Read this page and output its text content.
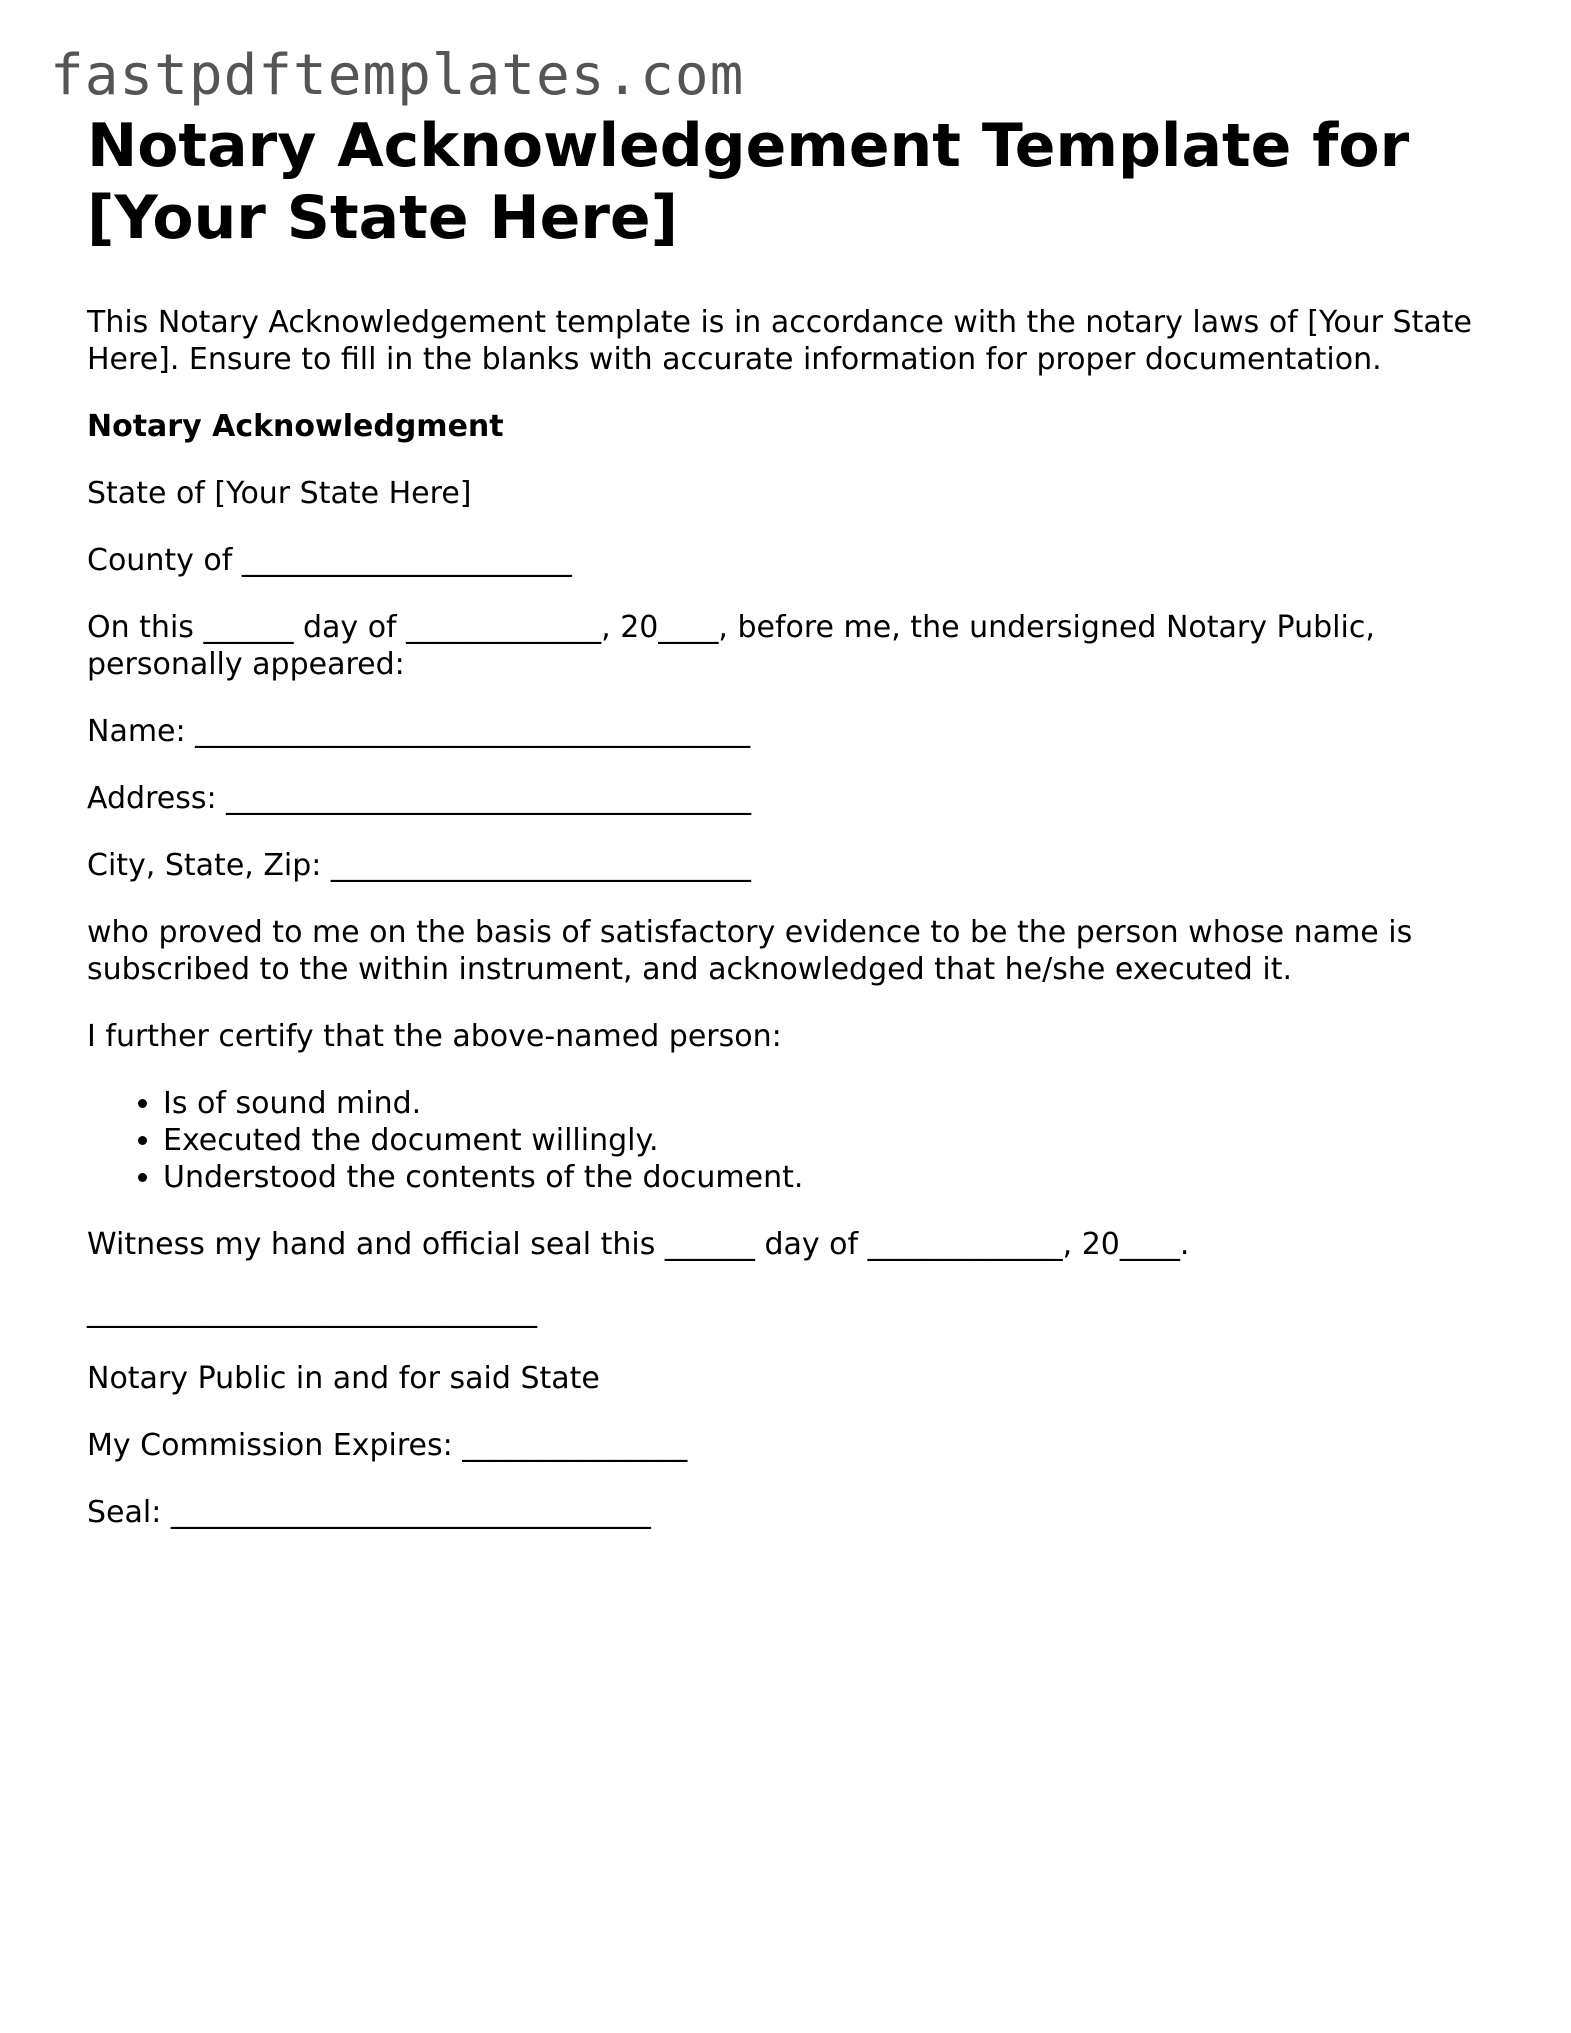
fastpdftemplates.com
Notary Acknowledgement Template for [Your State Here]

This Notary Acknowledgement template is in accordance with the notary laws of [Your State Here]. Ensure to fill in the blanks with accurate information for proper documentation.

Notary Acknowledgment

State of [Your State Here]

County of ______________________

On this ______ day of _____________, 20____, before me, the undersigned Notary Public, personally appeared:

Name: _____________________________________

Address: ___________________________________

City, State, Zip: ____________________________

who proved to me on the basis of satisfactory evidence to be the person whose name is subscribed to the within instrument, and acknowledged that he/she executed it.

I further certify that the above-named person:

• Is of sound mind.
• Executed the document willingly.
• Understood the contents of the document.

Witness my hand and official seal this ______ day of _____________, 20____.

______________________________

Notary Public in and for said State

My Commission Expires: _______________

Seal: ________________________________
